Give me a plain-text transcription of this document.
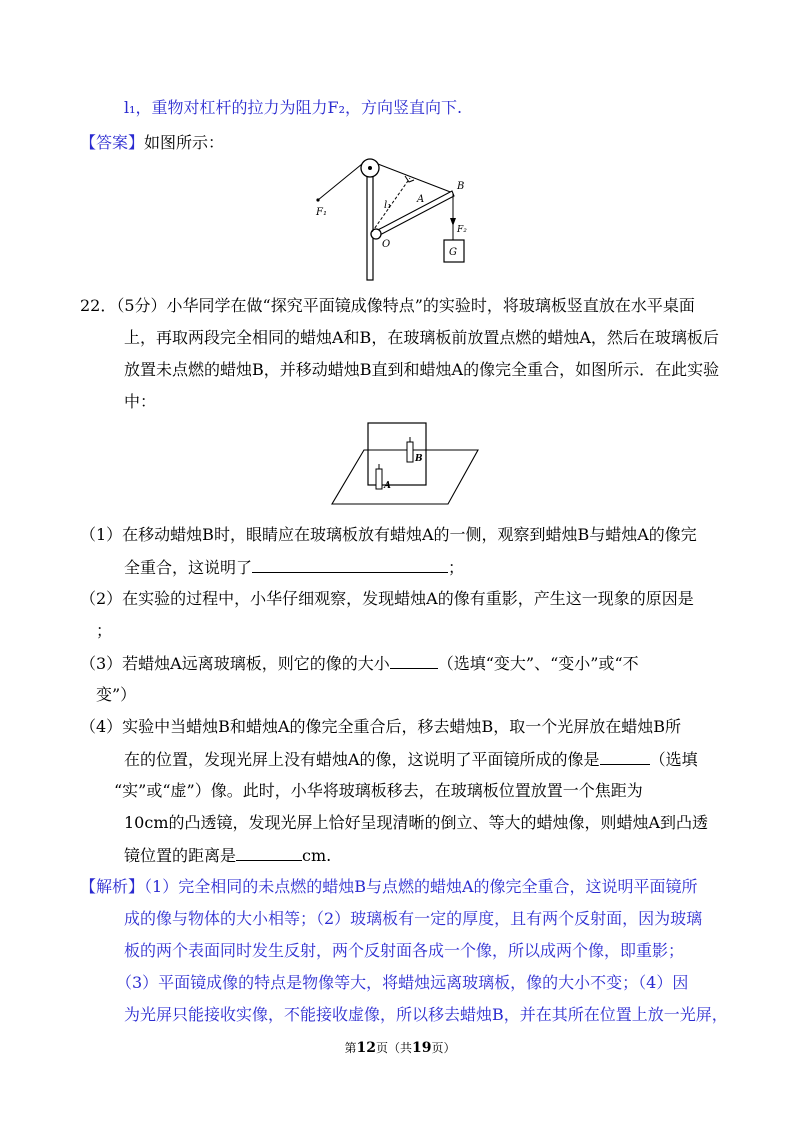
l₁，重物对杠杆的拉力为阻力F₂，方向竖直向下.
【答案】如图所示：
F₁
l₁
A
B
O
F₂
G
22．（5分）小华同学在做“探究平面镜成像特点”的实验时，将玻璃板竖直放在水平桌面
上，再取两段完全相同的蜡烛A和B，在玻璃板前放置点燃的蜡烛A，然后在玻璃板后
放置未点燃的蜡烛B，并移动蜡烛B直到和蜡烛A的像完全重合，如图所示．在此实验
中：
B
A
（1）在移动蜡烛B时，眼睛应在玻璃板放有蜡烛A的一侧，观察到蜡烛B与蜡烛A的像完
全重合，这说明了	；
（2）在实验的过程中，小华仔细观察，发现蜡烛A的像有重影，产生这一现象的原因是
；
（3）若蜡烛A远离玻璃板，则它的像的大小	（选填“变大”、“变小”或“不
变”）
（4）实验中当蜡烛B和蜡烛A的像完全重合后，移去蜡烛B，取一个光屏放在蜡烛B所
在的位置，发现光屏上没有蜡烛A的像，这说明了平面镜所成的像是	（选填
“实”或“虚”）像。此时，小华将玻璃板移去，在玻璃板位置放置一个焦距为
10cm的凸透镜，发现光屏上恰好呈现清晰的倒立、等大的蜡烛像，则蜡烛A到凸透
镜位置的距离是	cm.
【解析】（1）完全相同的未点燃的蜡烛B与点燃的蜡烛A的像完全重合，这说明平面镜所
成的像与物体的大小相等；（2）玻璃板有一定的厚度，且有两个反射面，因为玻璃
板的两个表面同时发生反射，两个反射面各成一个像，所以成两个像，即重影；
（3）平面镜成像的特点是物像等大，将蜡烛远离玻璃板，像的大小不变；（4）因
为光屏只能接收实像，不能接收虚像，所以移去蜡烛B，并在其所在位置上放一光屏，
第12页（共19页）
